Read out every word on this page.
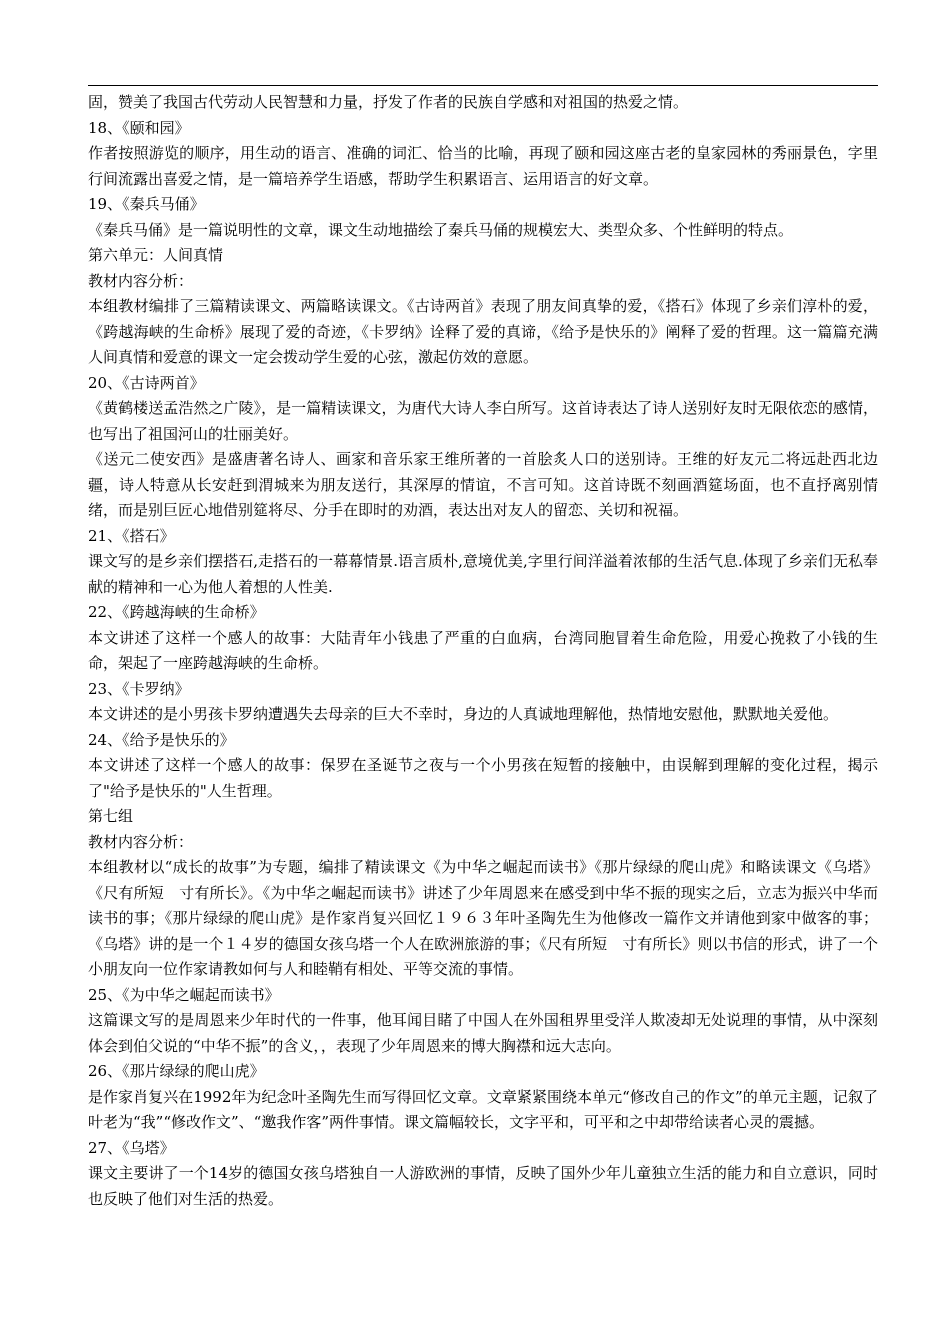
固，赞美了我国古代劳动人民智慧和力量，抒发了作者的民族自学感和对祖国的热爱之情。
18、《颐和园》
作者按照游览的顺序，用生动的语言、准确的词汇、恰当的比喻，再现了颐和园这座古老的皇家园林的秀丽景色，字里行间流露出喜爱之情，是一篇培养学生语感，帮助学生积累语言、运用语言的好文章。
19、《秦兵马俑》
《秦兵马俑》是一篇说明性的文章，课文生动地描绘了秦兵马俑的规模宏大、类型众多、个性鲜明的特点。
第六单元：人间真情
教材内容分析：
本组教材编排了三篇精读课文、两篇略读课文。《古诗两首》表现了朋友间真挚的爱，《搭石》体现了乡亲们淳朴的爱，《跨越海峡的生命桥》展现了爱的奇迹，《卡罗纳》诠释了爱的真谛，《给予是快乐的》阐释了爱的哲理。这一篇篇充满人间真情和爱意的课文一定会拨动学生爱的心弦，激起仿效的意愿。
20、《古诗两首》
《黄鹤楼送孟浩然之广陵》，是一篇精读课文，为唐代大诗人李白所写。这首诗表达了诗人送别好友时无限依恋的感情，也写出了祖国河山的壮丽美好。
《送元二使安西》是盛唐著名诗人、画家和音乐家王维所著的一首脍炙人口的送别诗。王维的好友元二将远赴西北边疆，诗人特意从长安赶到渭城来为朋友送行，其深厚的情谊，不言可知。这首诗既不刻画酒筵场面，也不直抒离别情绪，而是别巨匠心地借别筵将尽、分手在即时的劝酒，表达出对友人的留恋、关切和祝福。
21、《搭石》
课文写的是乡亲们摆搭石,走搭石的一幕幕情景.语言质朴,意境优美,字里行间洋溢着浓郁的生活气息.体现了乡亲们无私奉献的精神和一心为他人着想的人性美.
22、《跨越海峡的生命桥》
本文讲述了这样一个感人的故事：大陆青年小钱患了严重的白血病，台湾同胞冒着生命危险，用爱心挽救了小钱的生命，架起了一座跨越海峡的生命桥。
23、《卡罗纳》
本文讲述的是小男孩卡罗纳遭遇失去母亲的巨大不幸时，身边的人真诚地理解他，热情地安慰他，默默地关爱他。
24、《给予是快乐的》
本文讲述了这样一个感人的故事：保罗在圣诞节之夜与一个小男孩在短暂的接触中，由误解到理解的变化过程，揭示了"给予是快乐的"人生哲理。
第七组
教材内容分析：
本组教材以“成长的故事”为专题，编排了精读课文《为中华之崛起而读书》《那片绿绿的爬山虎》和略读课文《乌塔》《尺有所短　寸有所长》。《为中华之崛起而读书》讲述了少年周恩来在感受到中华不振的现实之后，立志为振兴中华而读书的事；《那片绿绿的爬山虎》是作家肖复兴回忆１９６３年叶圣陶先生为他修改一篇作文并请他到家中做客的事；《乌塔》讲的是一个１４岁的德国女孩乌塔一个人在欧洲旅游的事；《尺有所短　寸有所长》则以书信的形式，讲了一个小朋友向一位作家请教如何与人和睦鞘有相处、平等交流的事情。
25、《为中华之崛起而读书》
这篇课文写的是周恩来少年时代的一件事，他耳闻目睹了中国人在外国租界里受洋人欺凌却无处说理的事情，从中深刻体会到伯父说的“中华不振”的含义，，表现了少年周恩来的博大胸襟和远大志向。
26、《那片绿绿的爬山虎》
是作家肖复兴在1992年为纪念叶圣陶先生而写得回忆文章。文章紧紧围绕本单元“修改自己的作文”的单元主题，记叙了叶老为“我”“修改作文”、“邀我作客”两件事情。课文篇幅较长，文字平和，可平和之中却带给读者心灵的震撼。
27、《乌塔》
课文主要讲了一个14岁的德国女孩乌塔独自一人游欧洲的事情，反映了国外少年儿童独立生活的能力和自立意识，同时也反映了他们对生活的热爱。
